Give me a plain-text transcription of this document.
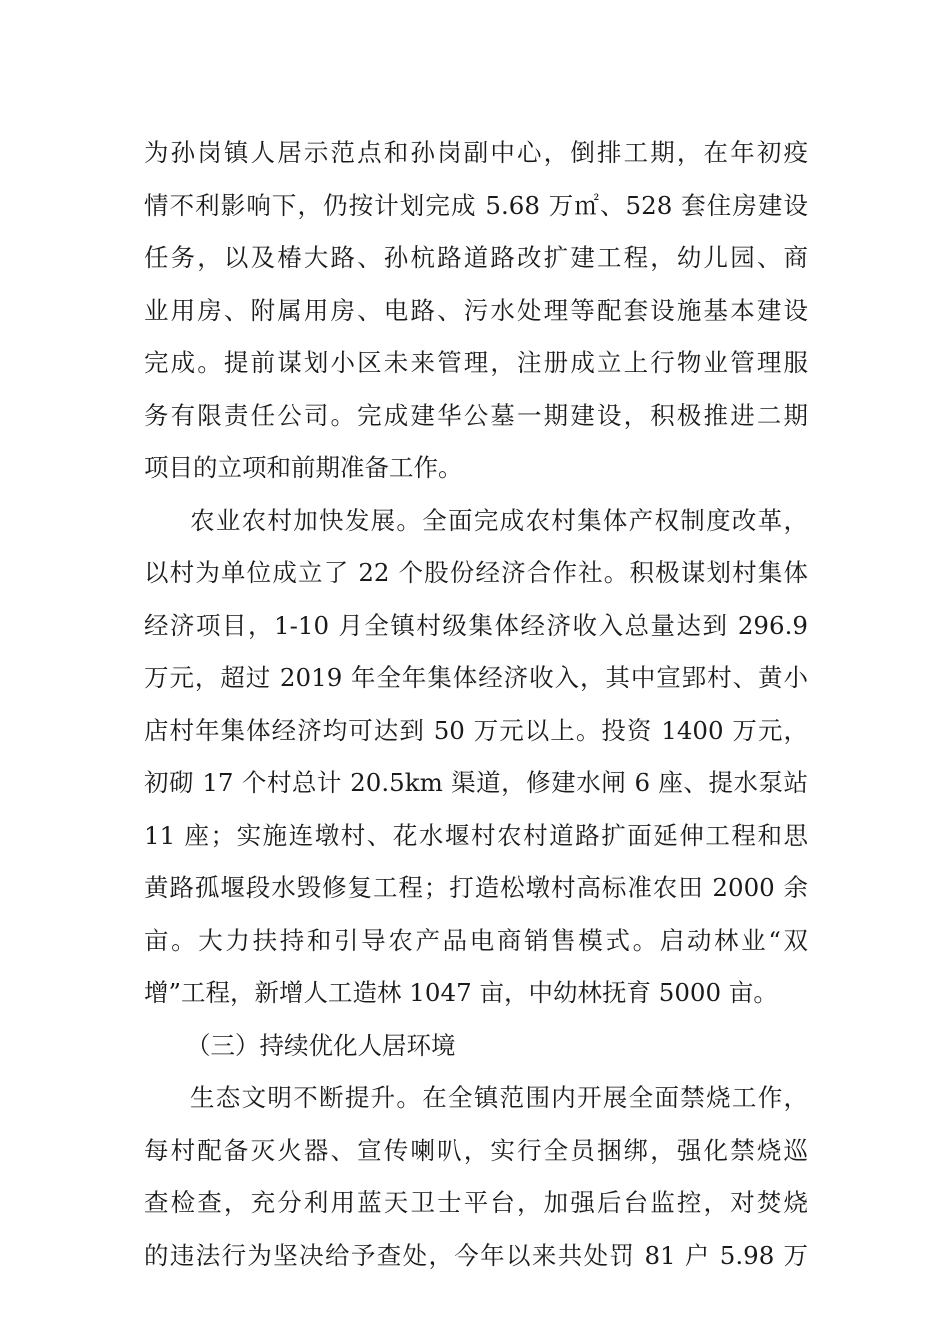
为孙岗镇人居示范点和孙岗副中心，倒排工期，在年初疫
情不利影响下，仍按计划完成 5.68 万㎡、528 套住房建设
任务，以及椿大路、孙杭路道路改扩建工程，幼儿园、商
业用房、附属用房、电路、污水处理等配套设施基本建设
完成。提前谋划小区未来管理，注册成立上行物业管理服
务有限责任公司。完成建华公墓一期建设，积极推进二期
项目的立项和前期准备工作。
农业农村加快发展。全面完成农村集体产权制度改革，
以村为单位成立了 22 个股份经济合作社。积极谋划村集体
经济项目，1-10 月全镇村级集体经济收入总量达到 296.9
万元，超过 2019 年全年集体经济收入，其中宣郢村、黄小
店村年集体经济均可达到 50 万元以上。投资 1400 万元，
初砌 17 个村总计 20.5km 渠道，修建水闸 6 座、提水泵站
11 座；实施连墩村、花水堰村农村道路扩面延伸工程和思
黄路孤堰段水毁修复工程；打造松墩村高标准农田 2000 余
亩。大力扶持和引导农产品电商销售模式。启动林业“双
增”工程，新增人工造林 1047 亩，中幼林抚育 5000 亩。
（三）持续优化人居环境
生态文明不断提升。在全镇范围内开展全面禁烧工作，
每村配备灭火器、宣传喇叭，实行全员捆绑，强化禁烧巡
查检查，充分利用蓝天卫士平台，加强后台监控，对焚烧
的违法行为坚决给予查处，今年以来共处罚 81 户 5.98 万
